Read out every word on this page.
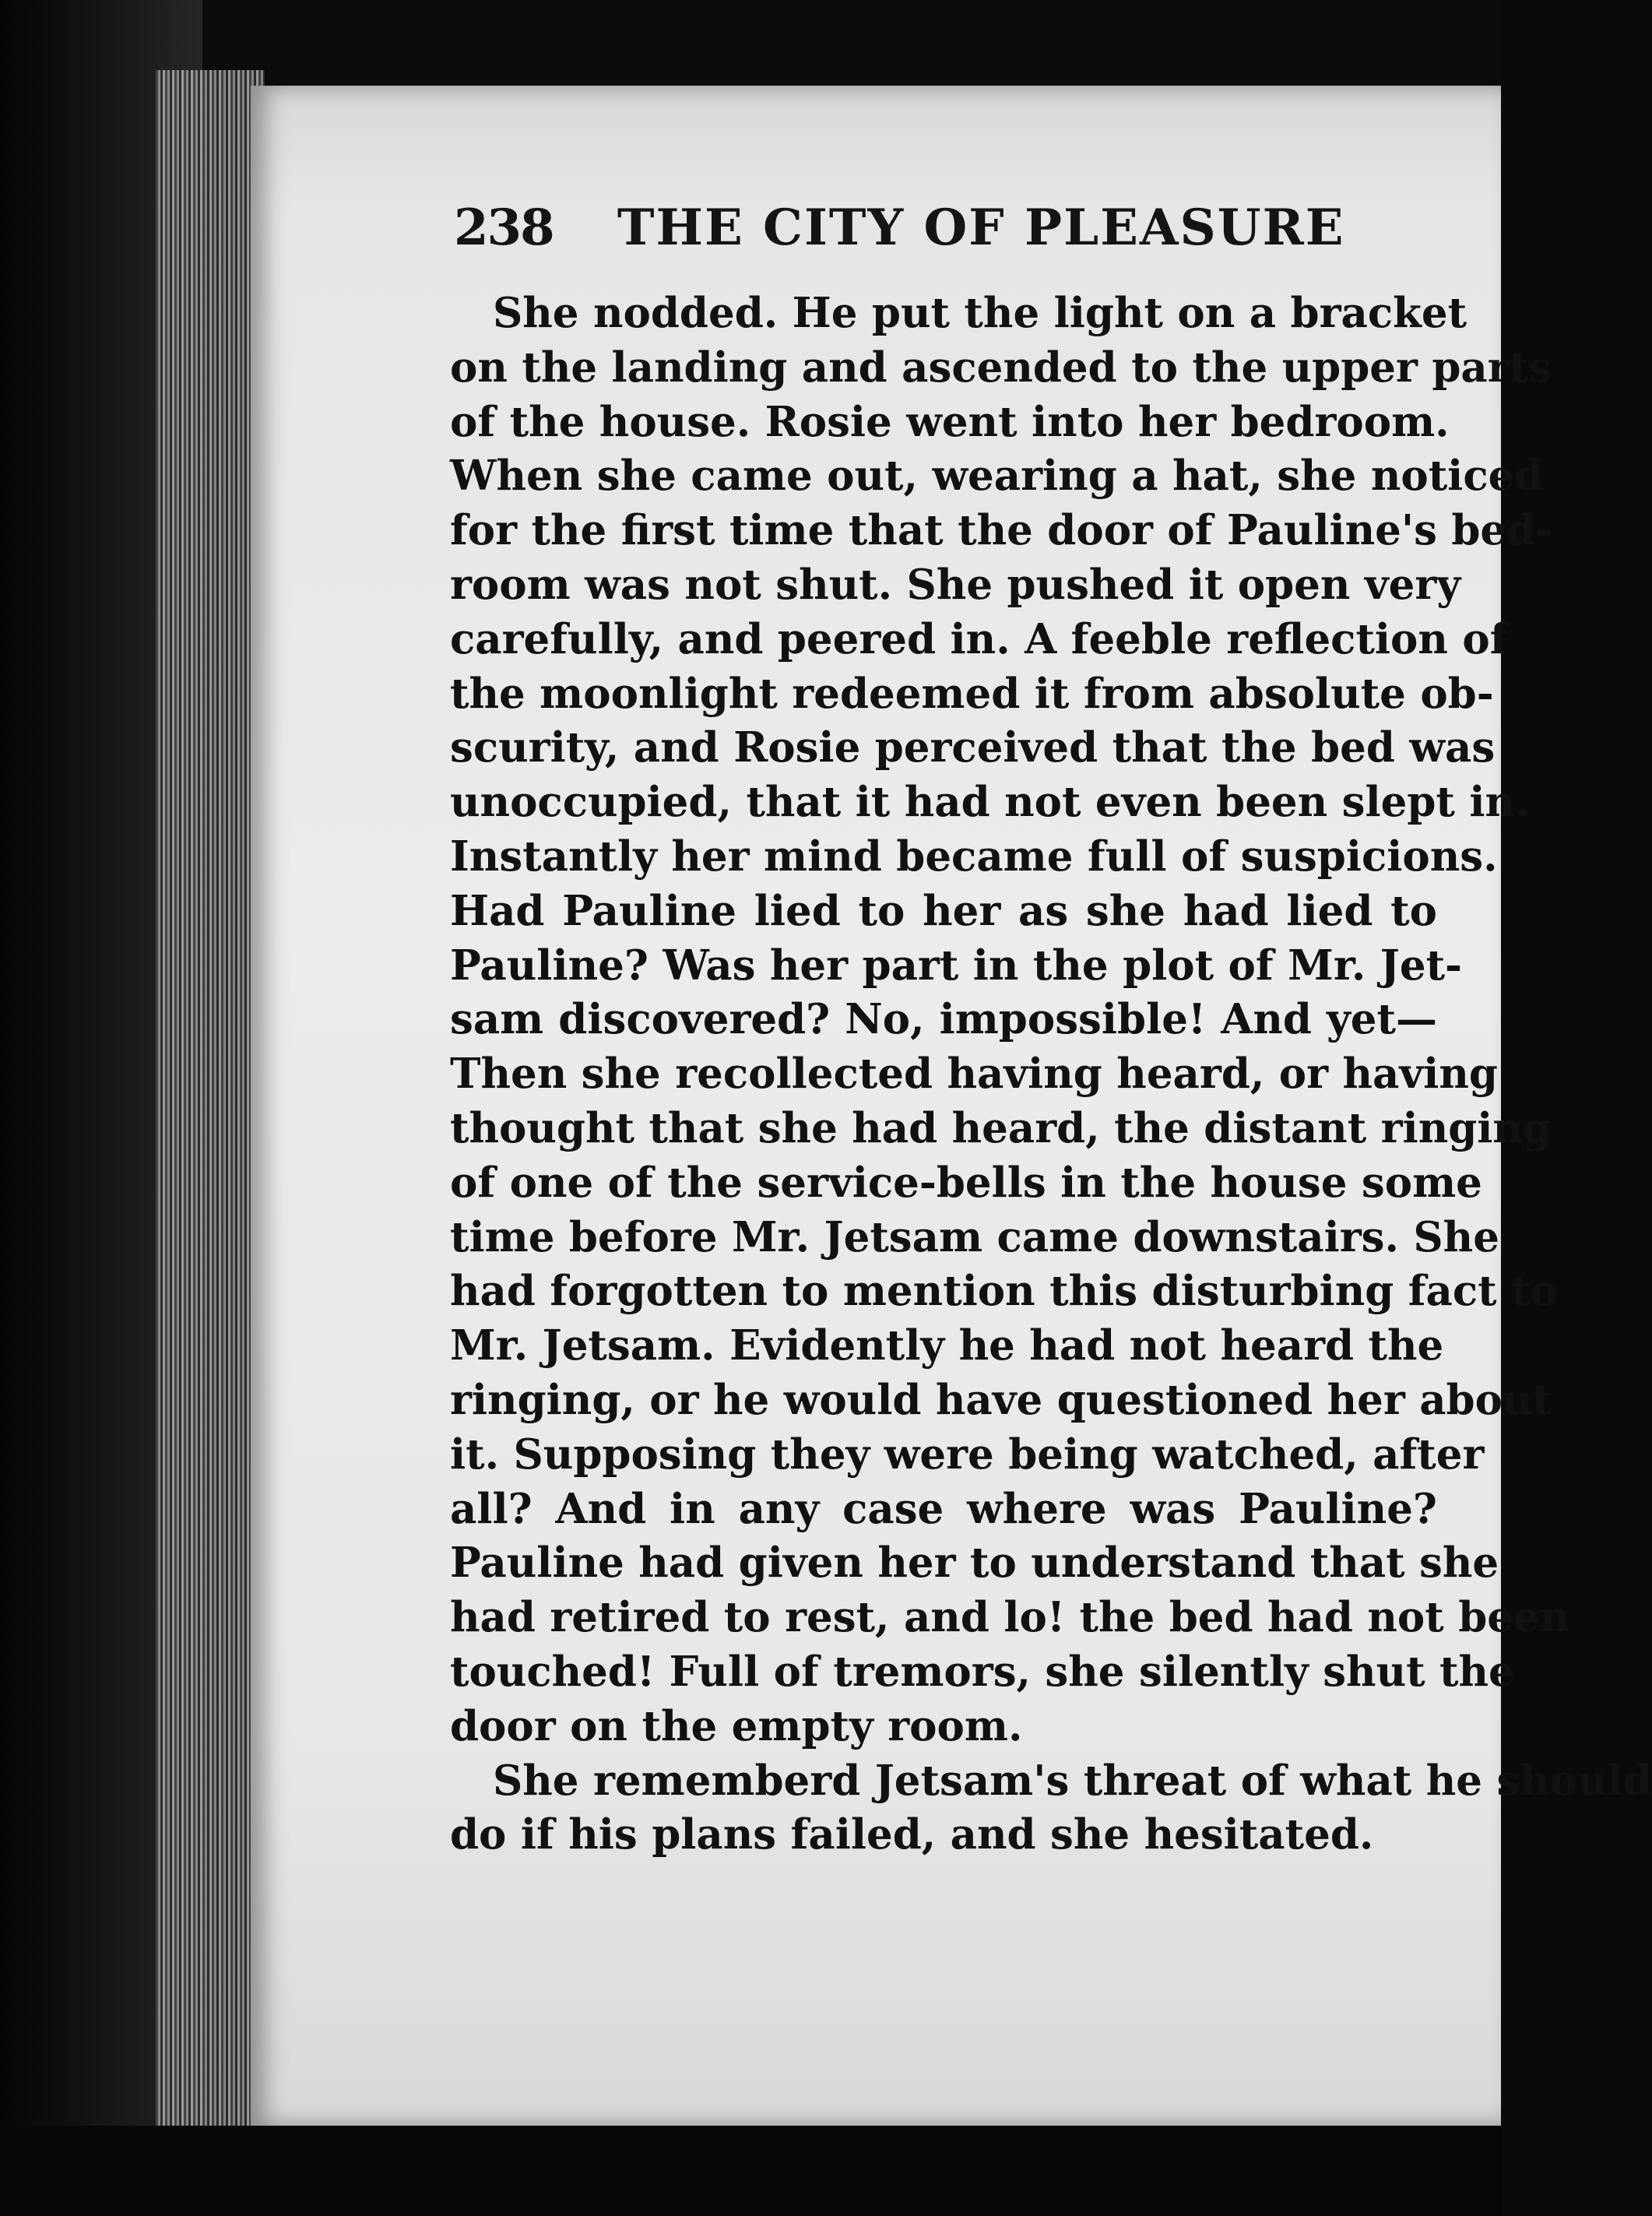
238 THE CITY OF PLEASURE

She nodded. He put the light on a bracket
on the landing and ascended to the upper parts
of the house. Rosie went into her bedroom.
When she came out, wearing a hat, she noticed
for the first time that the door of Pauline's bed-
room was not shut. She pushed it open very
carefully, and peered in. A feeble reflection of
the moonlight redeemed it from absolute ob-
scurity, and Rosie perceived that the bed was
unoccupied, that it had not even been slept in.
Instantly her mind became full of suspicions.
Had Pauline lied to her as she had lied to
Pauline? Was her part in the plot of Mr. Jet-
sam discovered? No, impossible! And yet—
Then she recollected having heard, or having
thought that she had heard, the distant ringing
of one of the service-bells in the house some
time before Mr. Jetsam came downstairs. She
had forgotten to mention this disturbing fact to
Mr. Jetsam. Evidently he had not heard the
ringing, or he would have questioned her about
it. Supposing they were being watched, after
all? And in any case where was Pauline?
Pauline had given her to understand that she
had retired to rest, and lo! the bed had not been
touched! Full of tremors, she silently shut the
door on the empty room.

She rememberd Jetsam's threat of what he should
do if his plans failed, and she hesitated.
